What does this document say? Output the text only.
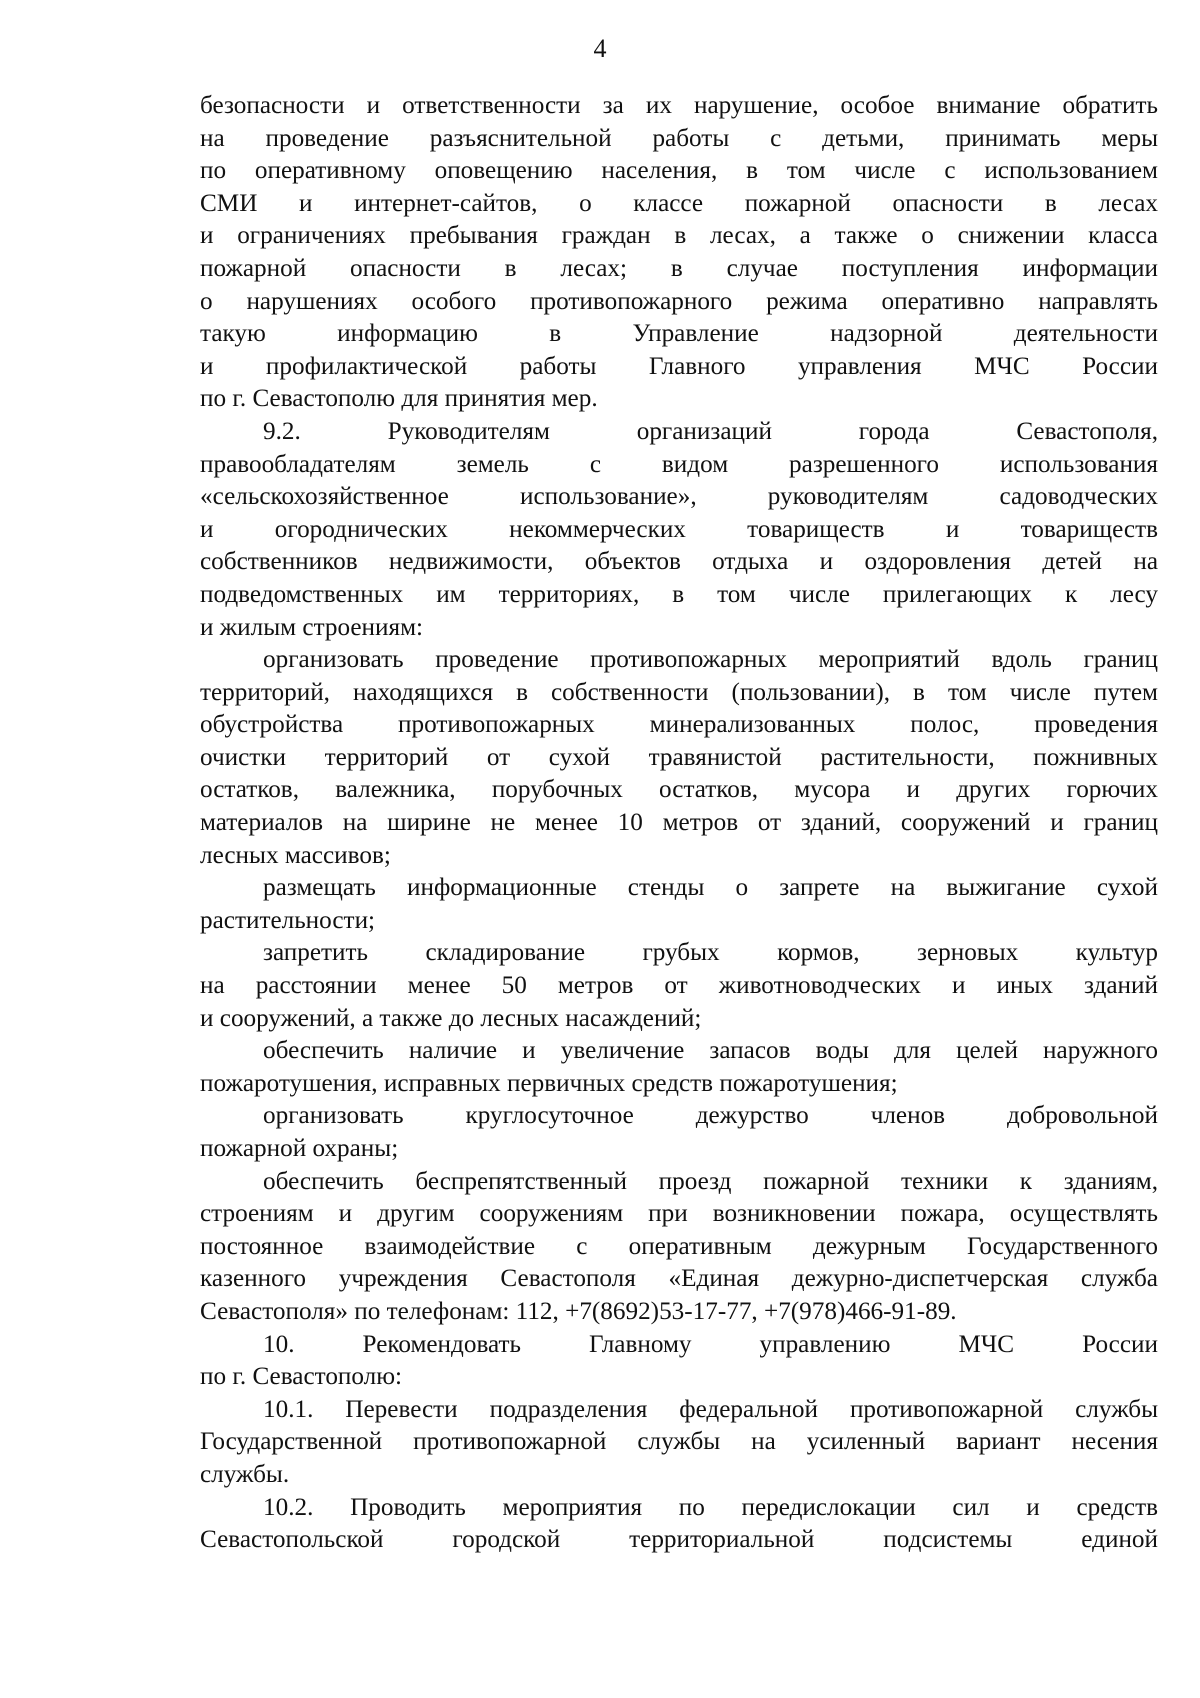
4
безопасности и ответственности за их нарушение, особое внимание обратить
на проведение разъяснительной работы с детьми, принимать меры
по оперативному оповещению населения, в том числе с использованием
СМИ и интернет-сайтов, о классе пожарной опасности в лесах
и ограничениях пребывания граждан в лесах, а также о снижении класса
пожарной опасности в лесах; в случае поступления информации
о нарушениях особого противопожарного режима оперативно направлять
такую информацию в Управление надзорной деятельности
и профилактической работы Главного управления МЧС России
по г. Севастополю для принятия мер.
9.2. Руководителям организаций города Севастополя,
правообладателям земель с видом разрешенного использования
«сельскохозяйственное использование», руководителям садоводческих
и огороднических некоммерческих товариществ и товариществ
собственников недвижимости, объектов отдыха и оздоровления детей на
подведомственных им территориях, в том числе прилегающих к лесу
и жилым строениям:
организовать проведение противопожарных мероприятий вдоль границ
территорий, находящихся в собственности (пользовании), в том числе путем
обустройства противопожарных минерализованных полос, проведения
очистки территорий от сухой травянистой растительности, пожнивных
остатков, валежника, порубочных остатков, мусора и других горючих
материалов на ширине не менее 10 метров от зданий, сооружений и границ
лесных массивов;
размещать информационные стенды о запрете на выжигание сухой
растительности;
запретить складирование грубых кормов, зерновых культур
на расстоянии менее 50 метров от животноводческих и иных зданий
и сооружений, а также до лесных насаждений;
обеспечить наличие и увеличение запасов воды для целей наружного
пожаротушения, исправных первичных средств пожаротушения;
организовать круглосуточное дежурство членов добровольной
пожарной охраны;
обеспечить беспрепятственный проезд пожарной техники к зданиям,
строениям и другим сооружениям при возникновении пожара, осуществлять
постоянное взаимодействие с оперативным дежурным Государственного
казенного учреждения Севастополя «Единая дежурно-диспетчерская служба
Севастополя» по телефонам: 112, +7(8692)53-17-77, +7(978)466-91-89.
10. Рекомендовать Главному управлению МЧС России
по г. Севастополю:
10.1. Перевести подразделения федеральной противопожарной службы
Государственной противопожарной службы на усиленный вариант несения
службы.
10.2. Проводить мероприятия по передислокации сил и средств
Севастопольской городской территориальной подсистемы единой
